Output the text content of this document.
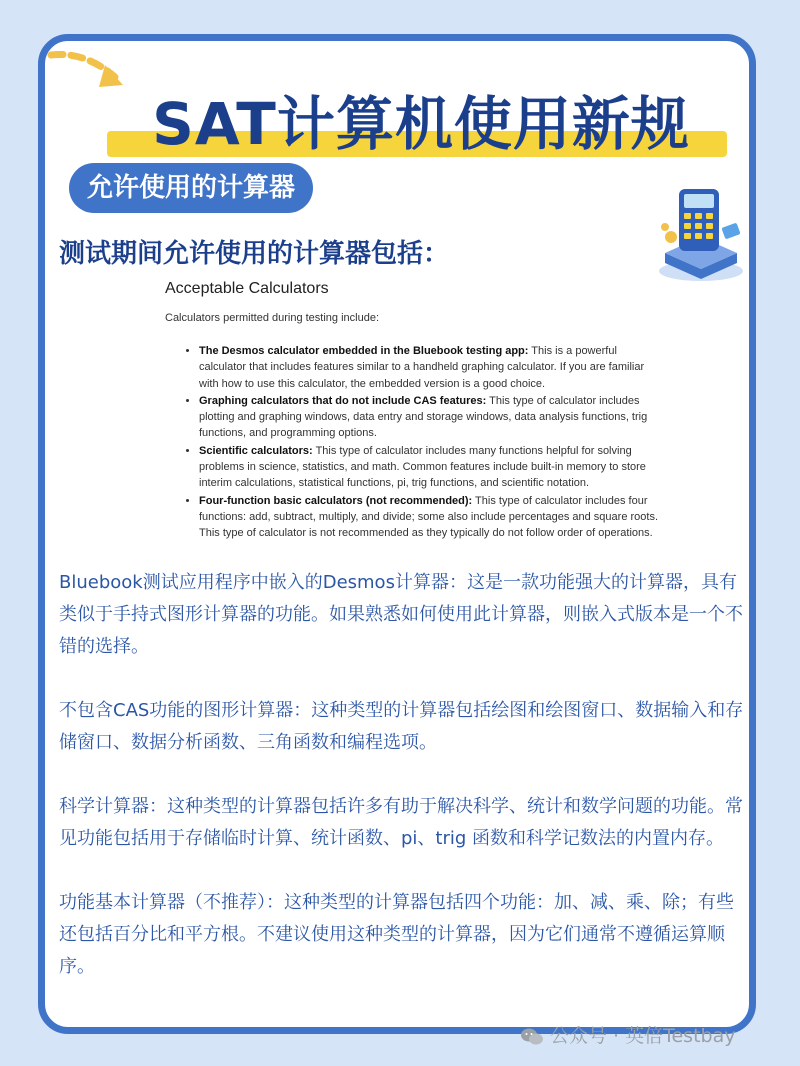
SAT计算机使用新规
允许使用的计算器
测试期间允许使用的计算器包括：
Acceptable Calculators
Calculators permitted during testing include:
• The Desmos calculator embedded in the Bluebook testing app: This is a powerful calculator that includes features similar to a handheld graphing calculator. If you are familiar with how to use this calculator, the embedded version is a good choice.
• Graphing calculators that do not include CAS features: This type of calculator includes plotting and graphing windows, data entry and storage windows, data analysis functions, trig functions, and programming options.
• Scientific calculators: This type of calculator includes many functions helpful for solving problems in science, statistics, and math. Common features include built-in memory to store interim calculations, statistical functions, pi, trig functions, and scientific notation.
• Four-function basic calculators (not recommended): This type of calculator includes four functions: add, subtract, multiply, and divide; some also include percentages and square roots. This type of calculator is not recommended as they typically do not follow order of operations.

Bluebook测试应用程序中嵌入的Desmos计算器：这是一款功能强大的计算器，具有类似于手持式图形计算器的功能。如果熟悉如何使用此计算器，则嵌入式版本是一个不错的选择。

不包含CAS功能的图形计算器：这种类型的计算器包括绘图和绘图窗口、数据输入和存储窗口、数据分析函数、三角函数和编程选项。

科学计算器：这种类型的计算器包括许多有助于解决科学、统计和数学问题的功能。常见功能包括用于存储临时计算、统计函数、pi、trig 函数和科学记数法的内置内存。

功能基本计算器（不推荐）：这种类型的计算器包括四个功能：加、减、乘、除；有些还包括百分比和平方根。不建议使用这种类型的计算器，因为它们通常不遵循运算顺序。

公众号 · 英倍Testbay
